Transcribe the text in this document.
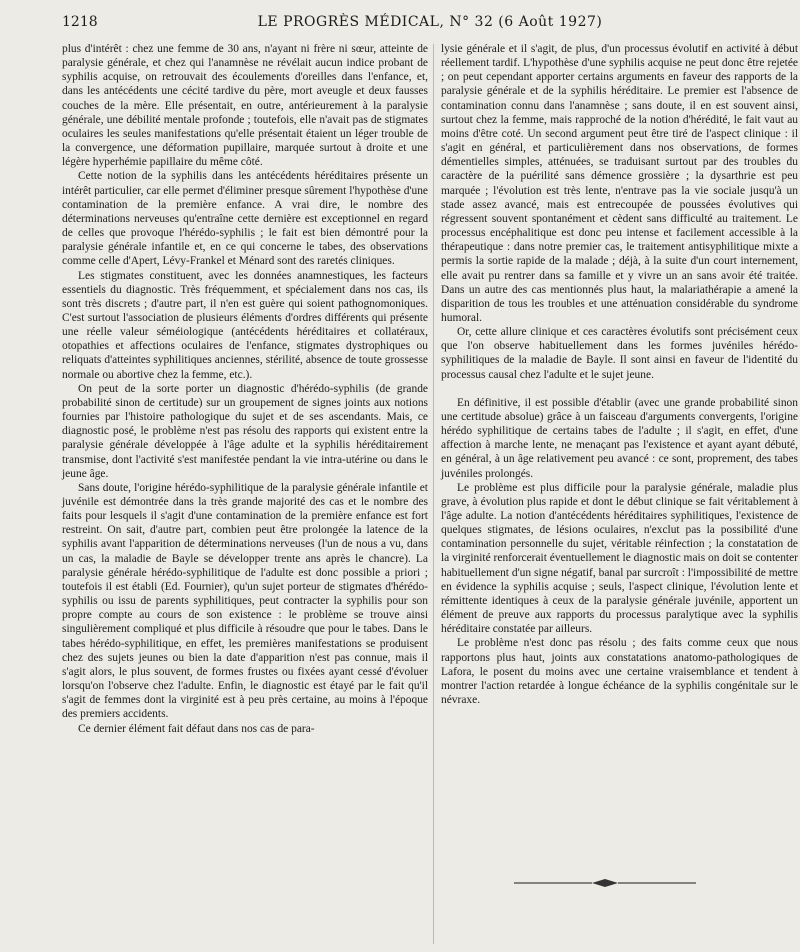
1218	LE PROGRÈS MÉDICAL, N° 32 (6 Août 1927)

plus d'intérêt : chez une femme de 30 ans, n'ayant ni frère ni sœur, atteinte de paralysie générale, et chez qui l'anamnèse ne révélait aucun indice probant de syphilis acquise, on retrouvait des écoulements d'oreilles dans l'enfance, et, dans les antécédents une cécité tardive du père, mort aveugle et deux fausses couches de la mère. Elle présentait, en outre, antérieurement à la paralysie générale, une débilité mentale profonde ; toutefois, elle n'avait pas de stigmates oculaires les seules manifestations qu'elle présentait étaient un léger trouble de la convergence, une déformation pupillaire, marquée surtout à droite et une légère hyperhémie papillaire du même côté.

Cette notion de la syphilis dans les antécédents héréditaires présente un intérêt particulier, car elle permet d'éliminer presque sûrement l'hypothèse d'une contamination de la première enfance. A vrai dire, le nombre des déterminations nerveuses qu'entraîne cette dernière est exceptionnel en regard de celles que provoque l'hérédo-syphilis ; le fait est bien démontré pour la paralysie générale infantile et, en ce qui concerne le tabes, des observations comme celle d'Apert, Lévy-Frankel et Ménard sont des raretés cliniques.

Les stigmates constituent, avec les données anamnestiques, les facteurs essentiels du diagnostic. Très fréquemment, et spécialement dans nos cas, ils sont très discrets ; d'autre part, il n'en est guère qui soient pathognomoniques. C'est surtout l'association de plusieurs éléments d'ordres différents qui présente une réelle valeur séméiologique (antécédents héréditaires et collatéraux, otopathies et affections oculaires de l'enfance, stigmates dystrophiques ou reliquats d'atteintes syphilitiques anciennes, stérilité, absence de toute grossesse normale ou abortive chez la femme, etc.).

On peut de la sorte porter un diagnostic d'hérédo-syphilis (de grande probabilité sinon de certitude) sur un groupement de signes joints aux notions fournies par l'histoire pathologique du sujet et de ses ascendants. Mais, ce diagnostic posé, le problème n'est pas résolu des rapports qui existent entre la paralysie générale développée à l'âge adulte et la syphilis héréditairement transmise, dont l'activité s'est manifestée pendant la vie intra-utérine ou dans le jeune âge.

Sans doute, l'origine hérédo-syphilitique de la paralysie générale infantile et juvénile est démontrée dans la très grande majorité des cas et le nombre des faits pour lesquels il s'agit d'une contamination de la première enfance est fort restreint. On sait, d'autre part, combien peut être prolongée la latence de la syphilis avant l'apparition de déterminations nerveuses (l'un de nous a vu, dans un cas, la maladie de Bayle se développer trente ans après le chancre). La paralysie générale hérédo-syphilitique de l'adulte est donc possible a priori ; toutefois il est établi (Ed. Fournier), qu'un sujet porteur de stigmates d'hérédo-syphilis ou issu de parents syphilitiques, peut contracter la syphilis pour son propre compte au cours de son existence : le problème se trouve ainsi singulièrement compliqué et plus difficile à résoudre que pour le tabes. Dans le tabes hérédo-syphilitique, en effet, les premières manifestations se produisent chez des sujets jeunes ou bien la date d'apparition n'est pas connue, mais il s'agit alors, le plus souvent, de formes frustes ou fixées ayant cessé d'évoluer lorsqu'on l'observe chez l'adulte. Enfin, le diagnostic est étayé par le fait qu'il s'agit de femmes dont la virginité est à peu près certaine, au moins à l'époque des premiers accidents.

Ce dernier élément fait défaut dans nos cas de para-

lysie générale et il s'agit, de plus, d'un processus évolutif en activité à début réellement tardif. L'hypothèse d'une syphilis acquise ne peut donc être rejetée ; on peut cependant apporter certains arguments en faveur des rapports de la paralysie générale et de la syphilis héréditaire. Le premier est l'absence de contamination connu dans l'anamnèse ; sans doute, il en est souvent ainsi, surtout chez la femme, mais rapproché de la notion d'hérédité, le fait vaut au moins d'être coté. Un second argument peut être tiré de l'aspect clinique : il s'agit en général, et particulièrement dans nos observations, de formes démentielles simples, atténuées, se traduisant surtout par des troubles du caractère de la puérilité sans démence grossière ; la dysarthrie est peu marquée ; l'évolution est très lente, n'entrave pas la vie sociale jusqu'à un stade assez avancé, mais est entrecoupée de poussées évolutives qui régressent souvent spontanément et cèdent sans difficulté au traitement. Le processus encéphalitique est donc peu intense et facilement accessible à la thérapeutique : dans notre premier cas, le traitement antisyphilitique mixte a permis la sortie rapide de la malade ; déjà, à la suite d'un court internement, elle avait pu rentrer dans sa famille et y vivre un an sans avoir été traitée. Dans un autre des cas mentionnés plus haut, la malariathérapie a amené la disparition de tous les troubles et une atténuation considérable du syndrome humoral.

Or, cette allure clinique et ces caractères évolutifs sont précisément ceux que l'on observe habituellement dans les formes juvéniles hérédo-syphilitiques de la maladie de Bayle. Il sont ainsi en faveur de l'identité du processus causal chez l'adulte et le sujet jeune.

En définitive, il est possible d'établir (avec une grande probabilité sinon une certitude absolue) grâce à un faisceau d'arguments convergents, l'origine hérédo syphilitique de certains tabes de l'adulte ; il s'agit, en effet, d'une affection à marche lente, ne menaçant pas l'existence et ayant ayant débuté, en général, à un âge relativement peu avancé : ce sont, proprement, des tabes juvéniles prolongés.

Le problème est plus difficile pour la paralysie générale, maladie plus grave, à évolution plus rapide et dont le début clinique se fait véritablement à l'âge adulte. La notion d'antécédents héréditaires syphilitiques, l'existence de quelques stigmates, de lésions oculaires, n'exclut pas la possibilité d'une contamination personnelle du sujet, véritable réinfection ; la constatation de la virginité renforcerait éventuellement le diagnostic mais on doit se contenter habituellement d'un signe négatif, banal par surcroît : l'impossibilité de mettre en évidence la syphilis acquise ; seuls, l'aspect clinique, l'évolution lente et rémittente identiques à ceux de la paralysie générale juvénile, apportent un élément de preuve aux rapports du processus paralytique avec la syphilis héréditaire constatée par ailleurs.

Le problème n'est donc pas résolu ; des faits comme ceux que nous rapportons plus haut, joints aux constatations anatomo-pathologiques de Lafora, le posent du moins avec une certaine vraisemblance et tendent à montrer l'action retardée à longue échéance de la syphilis congénitale sur le névraxe.
